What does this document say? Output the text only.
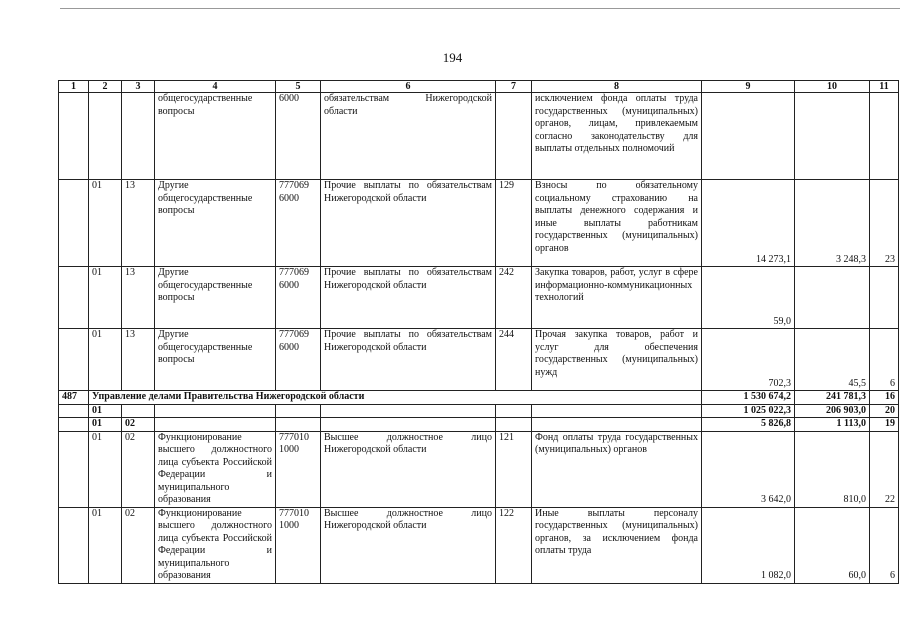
194
1	2	3	4	5	6	7	8	9	10	11
			общегосударственные вопросы	6000	обязательствам Нижегородской области		исключением фонда оплаты труда государственных (муниципальных) органов, лицам, привлекаемым согласно законодательству для выплаты отдельных полномочий			
	01	13	Другие общегосударственные вопросы	777069 6000	Прочие выплаты по обязательствам Нижегородской области	129	Взносы по обязательному социальному страхованию на выплаты денежного содержания и иные выплаты работникам государственных (муниципальных) органов	14 273,1	3 248,3	23
	01	13	Другие общегосударственные вопросы	777069 6000	Прочие выплаты по обязательствам Нижегородской области	242	Закупка товаров, работ, услуг в сфере информационно-коммуникационных технологий	59,0		
	01	13	Другие общегосударственные вопросы	777069 6000	Прочие выплаты по обязательствам Нижегородской области	244	Прочая закупка товаров, работ и услуг для обеспечения государственных (муниципальных) нужд	702,3	45,5	6
487	Управление делами Правительства Нижегородской области							1 530 674,2	241 781,3	16
	01							1 025 022,3	206 903,0	20
	01	02						5 826,8	1 113,0	19
	01	02	Функционирование высшего должностного лица субъекта Российской Федерации и муниципального образования	777010 1000	Высшее должностное лицо Нижегородской области	121	Фонд оплаты труда государственных (муниципальных) органов	3 642,0	810,0	22
	01	02	Функционирование высшего должностного лица субъекта Российской Федерации и муниципального образования	777010 1000	Высшее должностное лицо Нижегородской области	122	Иные выплаты персоналу государственных (муниципальных) органов, за исключением фонда оплаты труда	1 082,0	60,0	6
